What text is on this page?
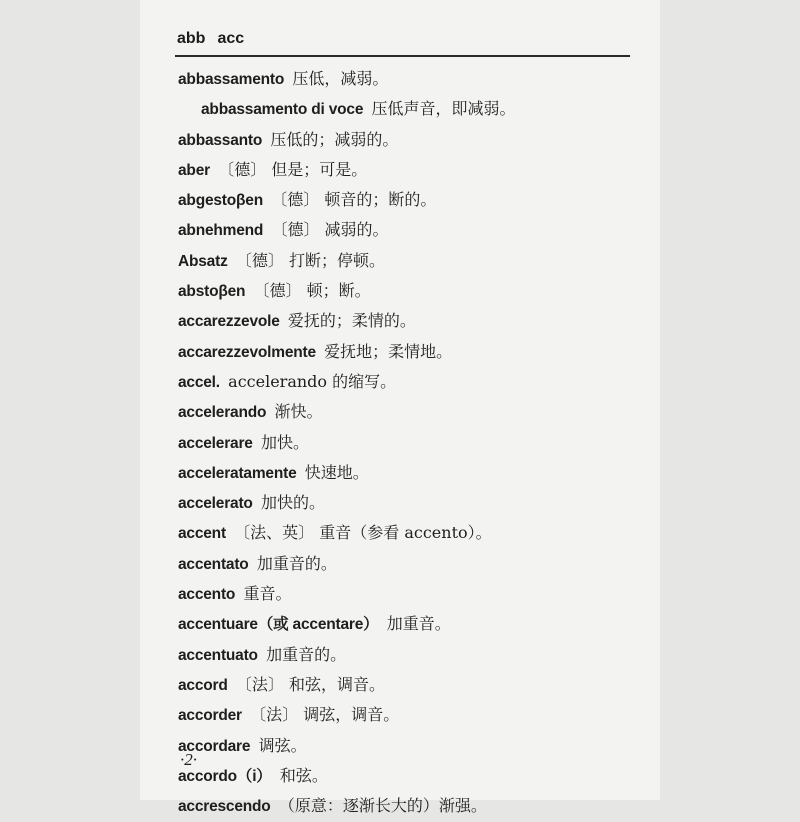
abb acc
abbassamento  压低，减弱。
abbassamento di voce  压低声音，即减弱。
abbassanto  压低的；减弱的。
aber  〔德〕 但是；可是。
abgestoβen  〔德〕 顿音的；断的。
abnehmend  〔德〕 减弱的。
Absatz  〔德〕 打断；停顿。
abstoβen  〔德〕 顿；断。
accarezzevole  爱抚的；柔情的。
accarezzevolmente  爱抚地；柔情地。
accel.  accelerando 的缩写。
accelerando  渐快。
accelerare  加快。
acceleratamente  快速地。
accelerato  加快的。
accent  〔法、英〕 重音（参看 accento）。
accentato  加重音的。
accento  重音。
accentuare（或 accentare）  加重音。
accentuato  加重音的。
accord  〔法〕 和弦，调音。
accorder  〔法〕 调弦，调音。
accordare  调弦。
accordo（i）  和弦。
accrescendo  （原意：逐渐长大的）渐强。
·2·
